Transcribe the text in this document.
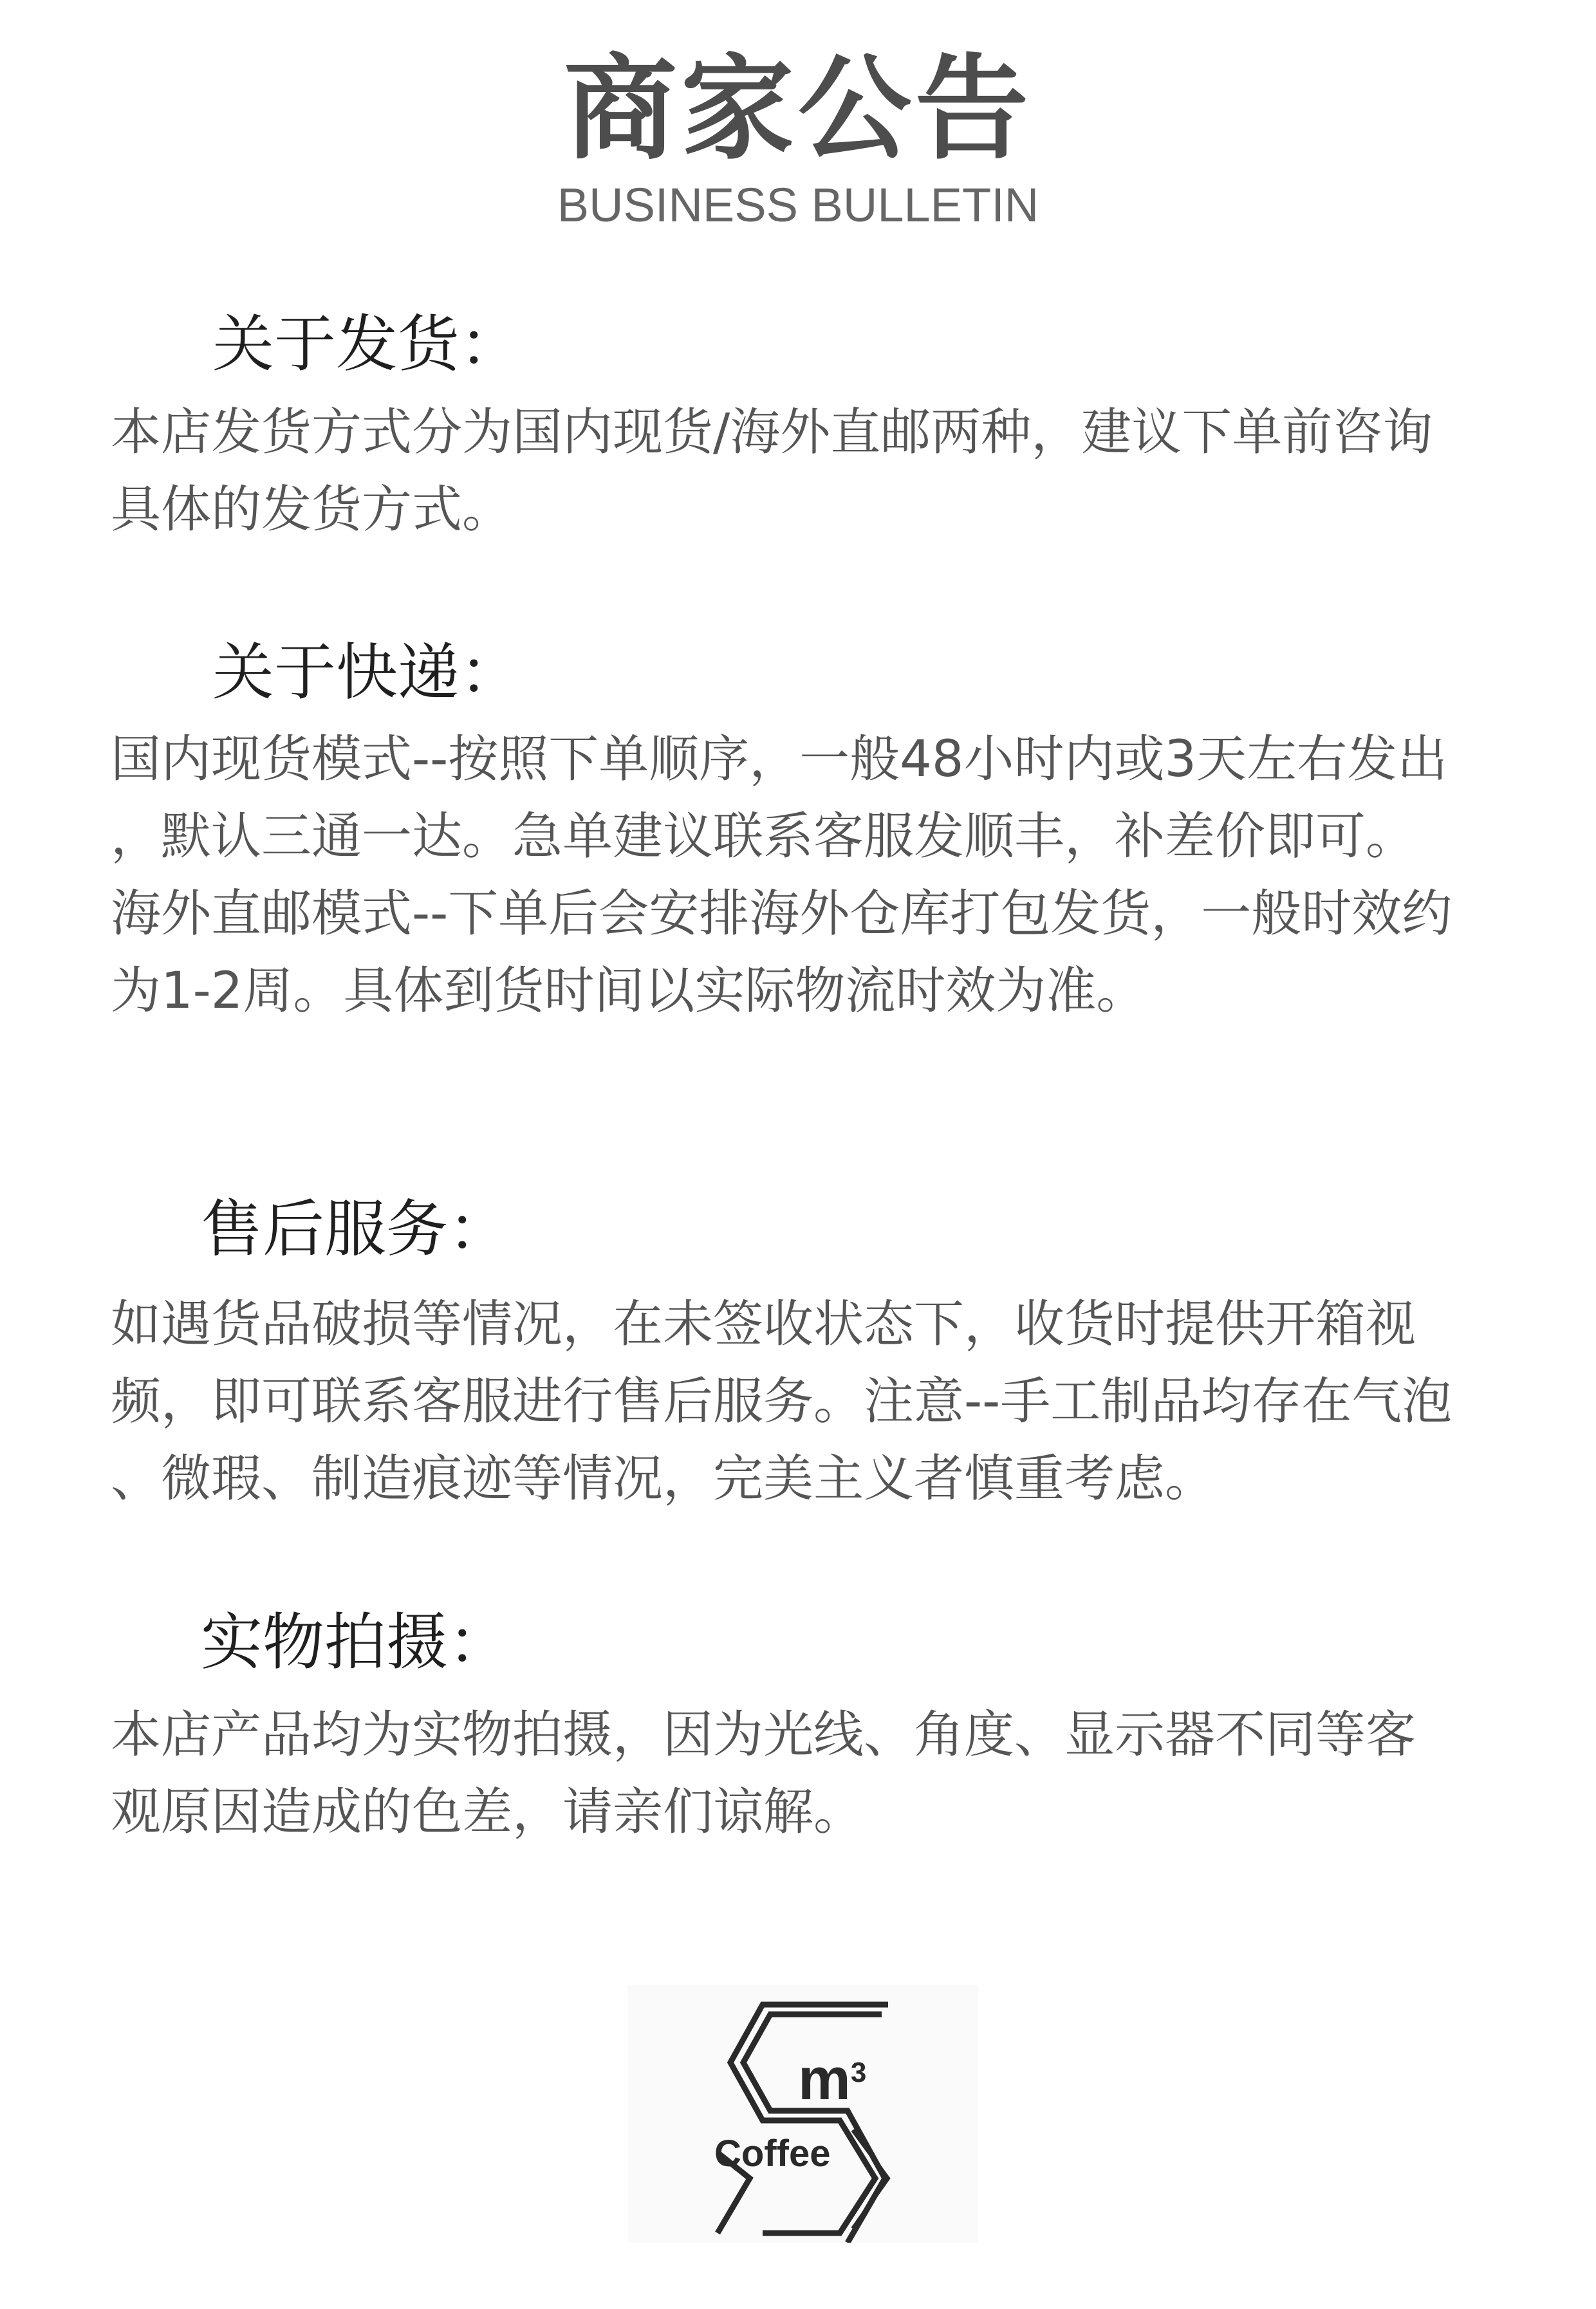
商家公告
BUSINESS BULLETIN
关于发货：
本店发货方式分为国内现货/海外直邮两种，建议下单前咨询
具体的发货方式。
关于快递：
国内现货模式--按照下单顺序，一般48小时内或3天左右发出
，默认三通一达。急单建议联系客服发顺丰，补差价即可。
海外直邮模式--下单后会安排海外仓库打包发货，一般时效约
为1-2周。具体到货时间以实际物流时效为准。
售后服务：
如遇货品破损等情况，在未签收状态下，收货时提供开箱视
频，即可联系客服进行售后服务。注意--手工制品均存在气泡
、微瑕、制造痕迹等情况，完美主义者慎重考虑。
实物拍摄：
本店产品均为实物拍摄，因为光线、角度、显示器不同等客
观原因造成的色差，请亲们谅解。
$m^3$
Coffee
